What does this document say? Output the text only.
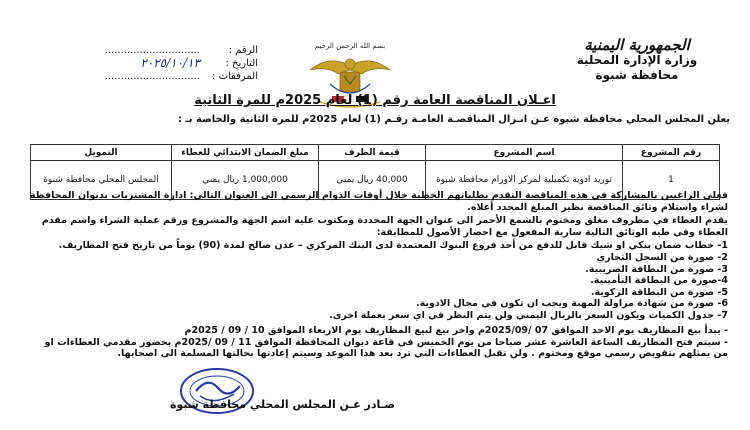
الجمهورية اليمنية
وزارة الإدارة المحلية
محافظة شبوة
بسم الله الرحمن الرحيم
الرقم :
..............................
التاريخ :
٢٠٢٥/١٠/١٣
المرفقات :
..............................
اعـلان المناقصة العامة رقم (1) لعام 2025م للمرة الثانية
يعلن المجلس المحلي محافظة شبوة عـن انـزال المناقصـة العامـة رقـم (1) لعام 2025م للمرة الثانية والخاصة بـ :
رقم المشروع	اسم المشروع	قيمة الظرف	مبلغ الضمان الابتدائي للعطاء	التمويل
1	توريد ادوية تكميلية لمركز الاورام محافظة شبوة	40,000 ريال يمني	1,000,000 ريال يمني	المجلس المحلي محافظة شبوة

فعلى الراغبين بالمشاركة في هذه المناقصة التقدم بطلباتهم الخطية خلال أوقات الدوام الرسمي الى العنوان التالي: ادارة المشتريات بديوان المحافظة لشراء واستلام وثائق المناقصة نظير المبلغ المحدد أعلاه.

يقدم العطاء في مظروف مغلق ومختوم بالشمع الأحمر الى عنوان الجهة المحددة ومكتوب عليه اسم الجهة والمشروع ورقم عملية الشراء واسم مقدم العطاء وفي طيه الوثائق التالية سارية المفعول مع احضار الأصول للمطابقة:

1- خطاب ضمان بنكي او شيك قابل للدفع من أحد فروع البنوك المعتمدة لدى البنك المركزي – عدن صالح لمدة (90) يوماً من تاريخ فتح المظاريف.

2- صورة من السجل التجاري

3- صورة من البطاقة الضريبية.

4-صورة من البطاقة التأمينية.

5- صورة من البطاقة الزكوية.

6- صورة من شهادة مزاولة المهنة ويجب ان تكون في مجال الادوية.

7- جدول الكميات ويكون السعر بالريال اليمني ولن يتم النظر في اي سعر بعملة اخرى.

- يبدأ بيع المظاريف يوم الاحد الموافق 07 /2025/09م واخر بيع لبيع المظاريف يوم الاربعاء الموافق 10 / 09 / 2025م

- سيتم فتح المظاريف الساعة العاشرة عشر صباحا من يوم الخميس في قاعة ديوان المحافظة الموافق 11 / 09 /2025م بحضور مقدمي العطاءات او من يمثلهم بتفويض رسمي موقع ومختوم . ولن تقبل العطاءات التي ترد بعد هذا الموعد وسيتم إعادتها بحالتها المسلمة الى اصحابها.

صـادر عـن المجلس المحلي محافظة شبوة
